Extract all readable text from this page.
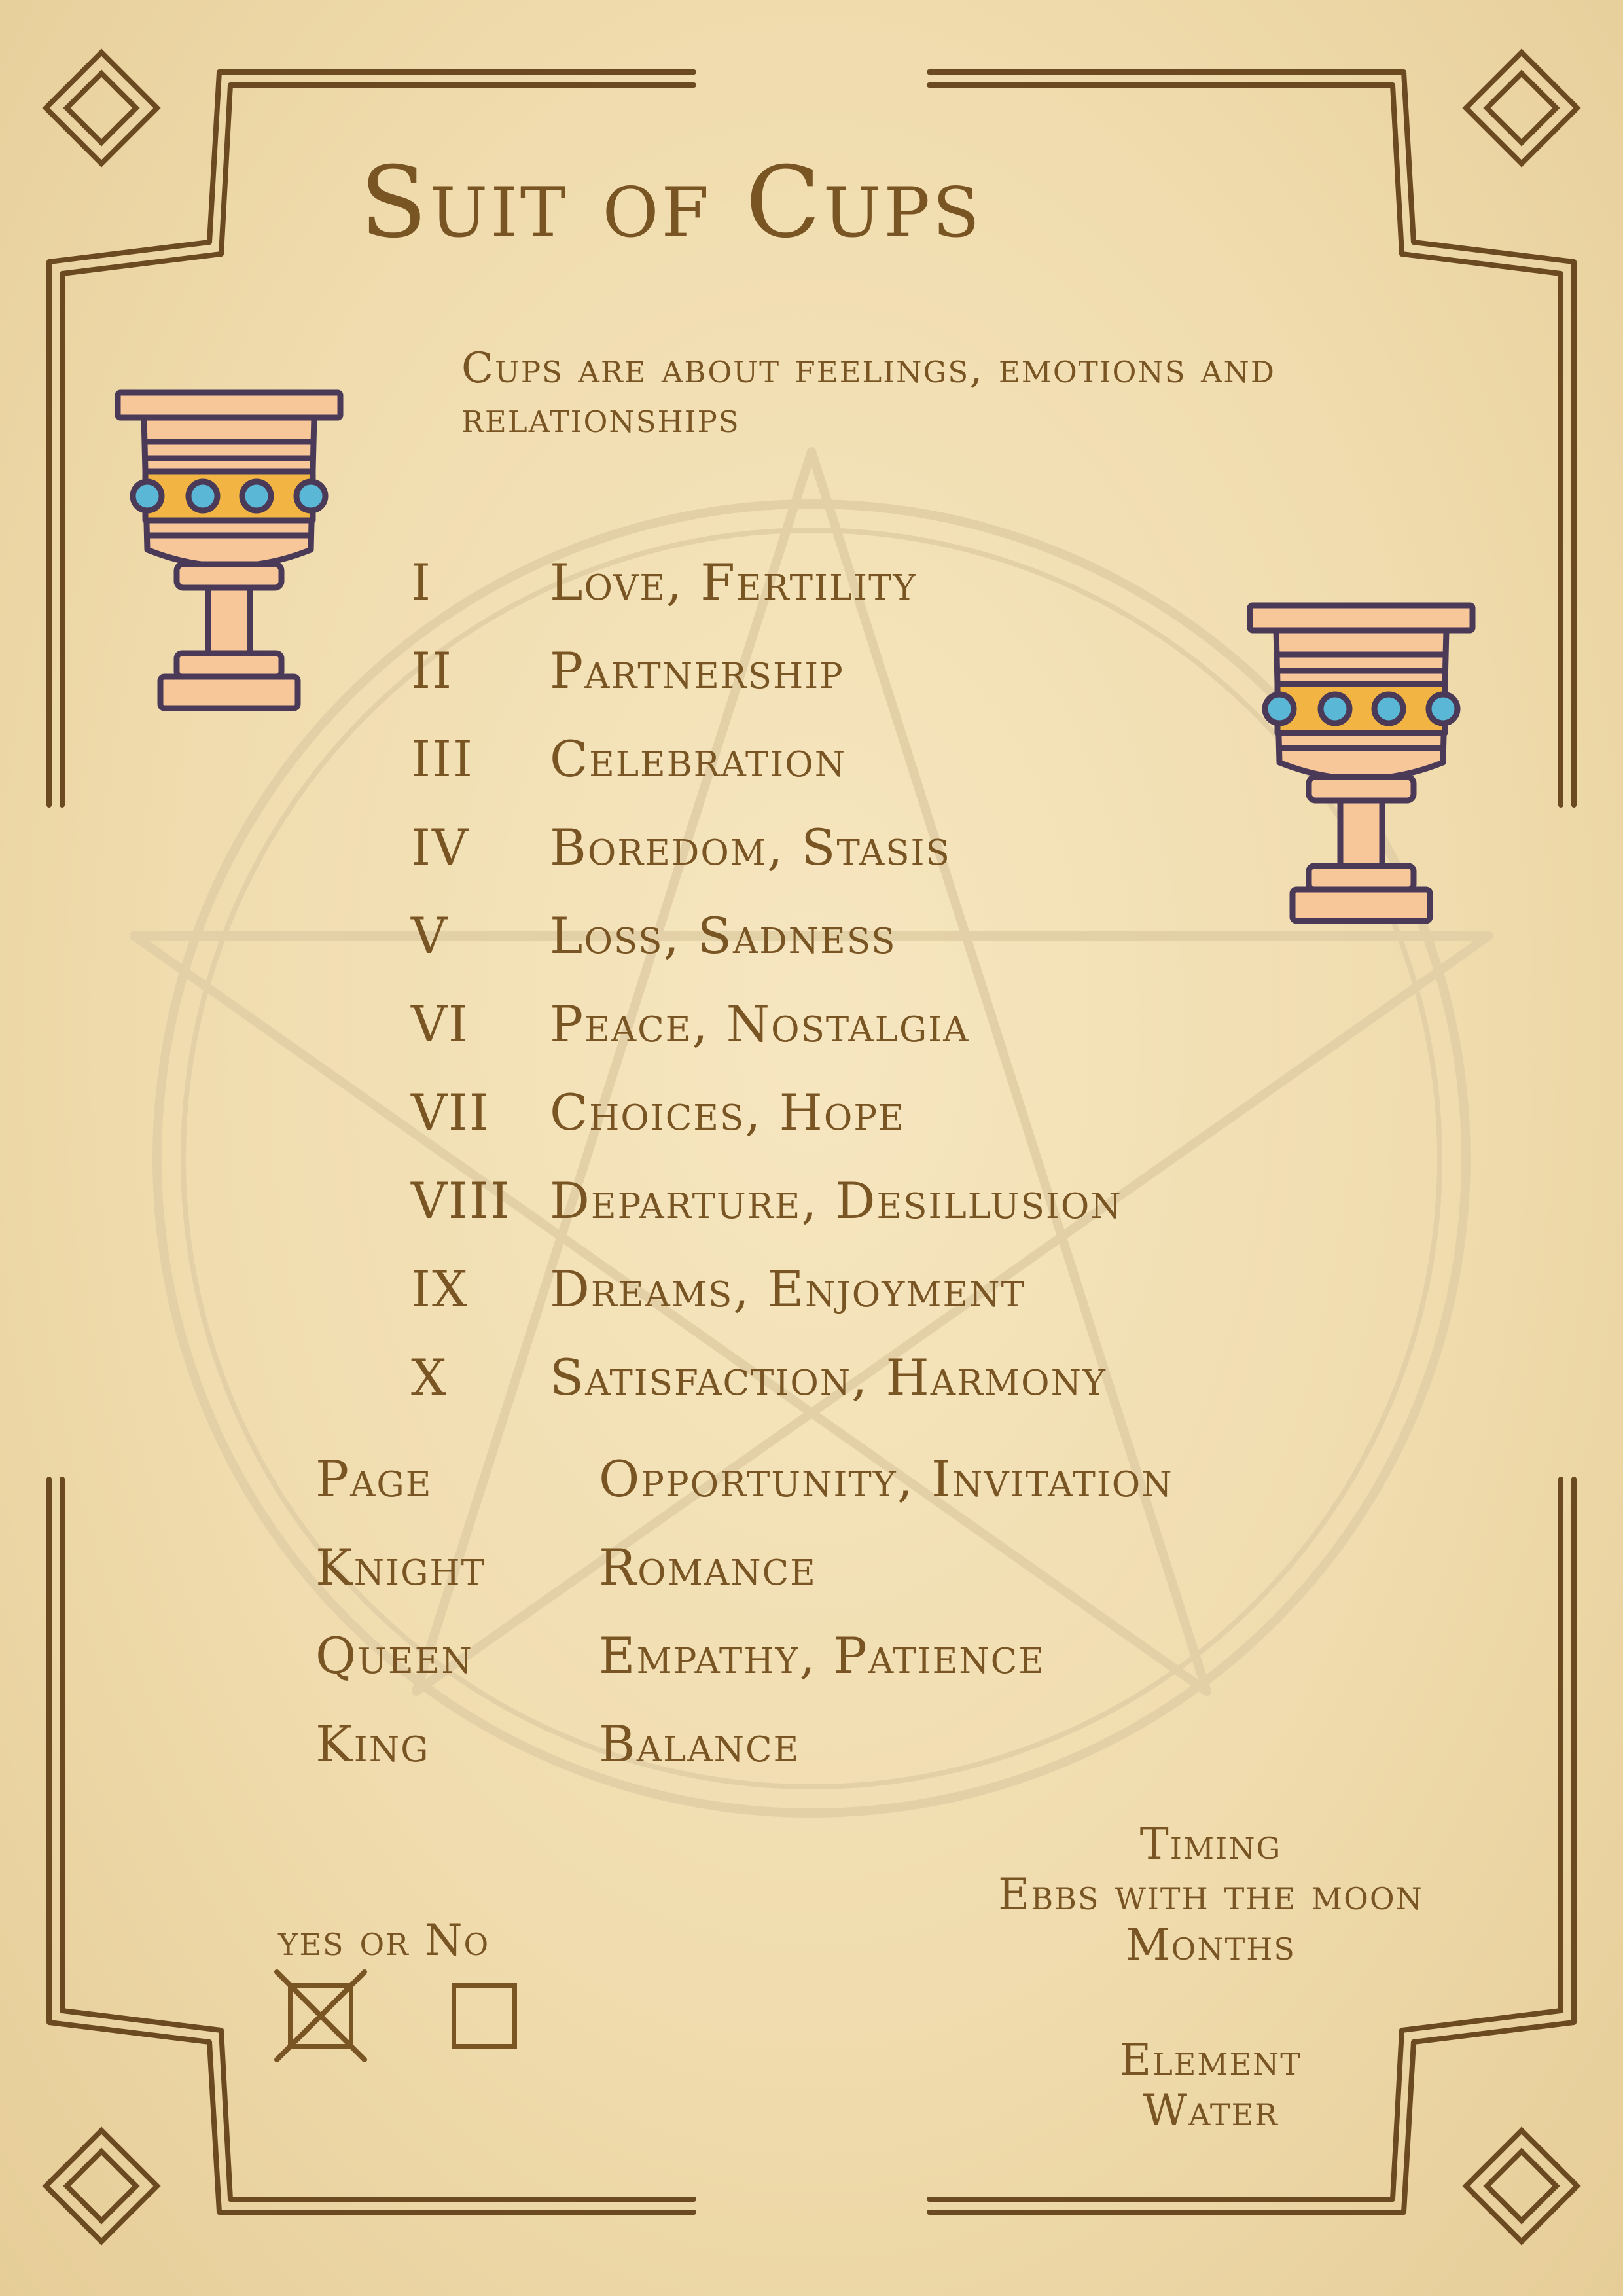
Suit of Cups
Cups are about feelings, emotions and relationships
I Love, Fertility
II Partnership
III Celebration
IV Boredom, Stasis
V Loss, Sadness
VI Peace, Nostalgia
VII Choices, Hope
VIII Departure, Desillusion
IX Dreams, Enjoyment
X Satisfaction, Harmony
Page	Opportunity, Invitation
Knight Romance
Queen	Empathy, Patience
King	Balance
Timing
Ebbs with the moon
Months
Element
Water
yes or No
